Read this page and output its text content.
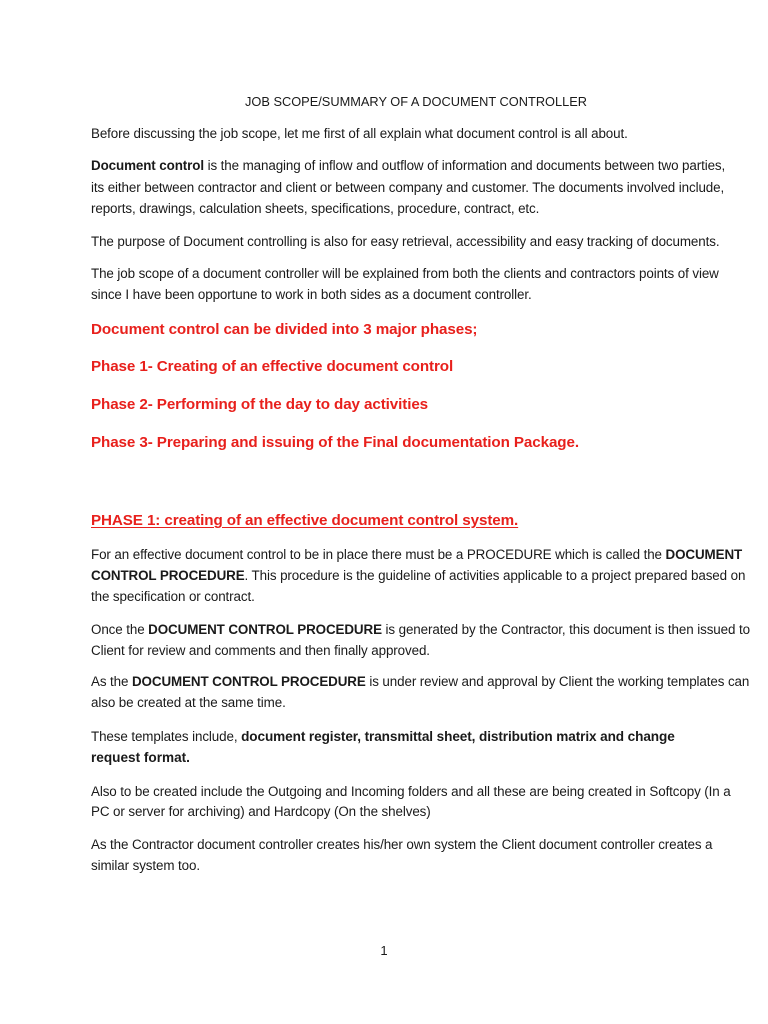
JOB SCOPE/SUMMARY OF A DOCUMENT CONTROLLER
Before discussing the job scope, let me first of all explain what document control is all about.
Document control is the managing of inflow and outflow of information and documents between two parties,
its either between contractor and client or between company and customer. The documents involved include,
reports, drawings, calculation sheets, specifications, procedure, contract, etc.
The purpose of Document controlling is also for easy retrieval, accessibility and easy tracking of documents.
The job scope of a document controller will be explained from both the clients and contractors points of view
since I have been opportune to work in both sides as a document controller.
Document control can be divided into 3 major phases;
Phase 1- Creating of an effective document control
Phase 2- Performing of the day to day activities
Phase 3- Preparing and issuing of the Final documentation Package.
PHASE 1: creating of an effective document control system.
For an effective document control to be in place there must be a PROCEDURE which is called the DOCUMENT
CONTROL PROCEDURE. This procedure is the guideline of activities applicable to a project prepared based on
the specification or contract.
Once the DOCUMENT CONTROL PROCEDURE is generated by the Contractor, this document is then issued to
Client for review and comments and then finally approved.
As the DOCUMENT CONTROL PROCEDURE is under review and approval by Client the working templates can
also be created at the same time.
These templates include, document register, transmittal sheet, distribution matrix and change
request format.
Also to be created include the Outgoing and Incoming folders and all these are being created in Softcopy (In a
PC or server for archiving) and Hardcopy (On the shelves)
As the Contractor document controller creates his/her own system the Client document controller creates a
similar system too.
1
